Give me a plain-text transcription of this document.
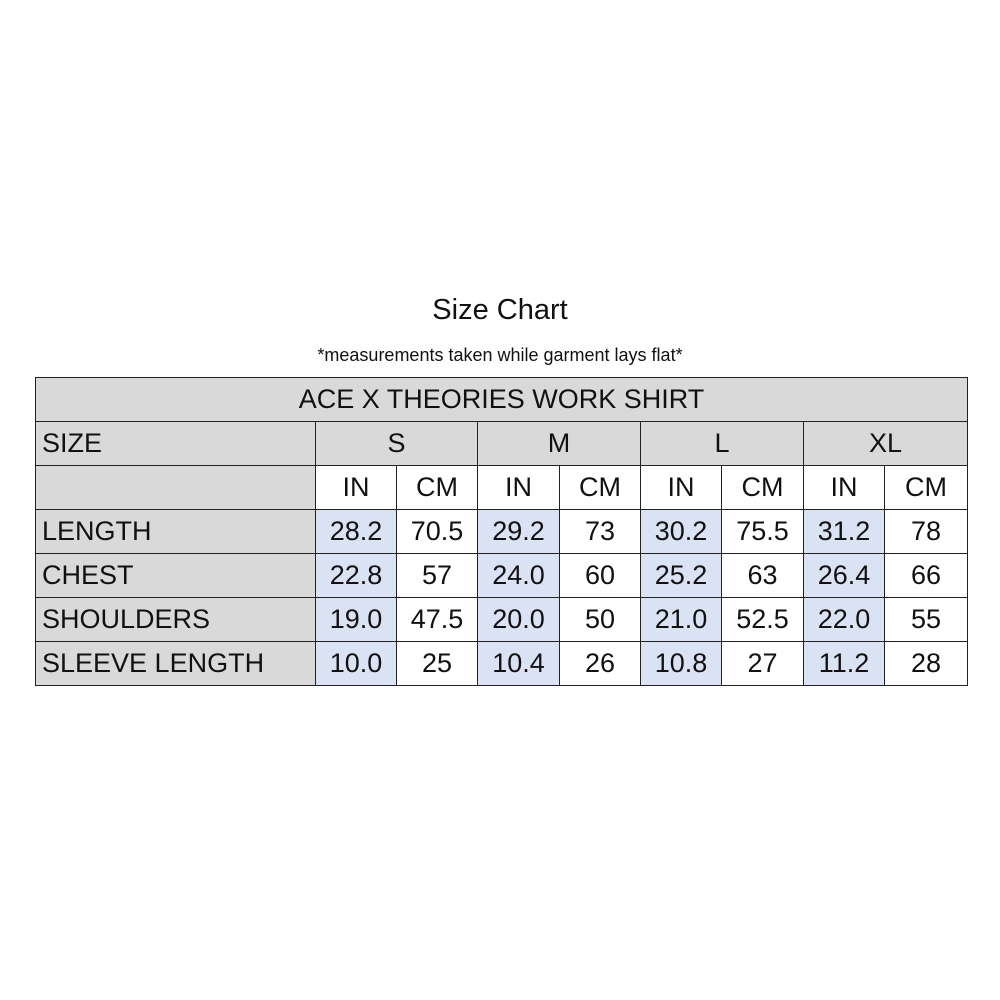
Size Chart
*measurements taken while garment lays flat*
ACE X THEORIES WORK SHIRT								
SIZE	S		M		L		XL	
	IN	CM	IN	CM	IN	CM	IN	CM
LENGTH	28.2	70.5	29.2	73	30.2	75.5	31.2	78
CHEST	22.8	57	24.0	60	25.2	63	26.4	66
SHOULDERS	19.0	47.5	20.0	50	21.0	52.5	22.0	55
SLEEVE LENGTH	10.0	25	10.4	26	10.8	27	11.2	28
